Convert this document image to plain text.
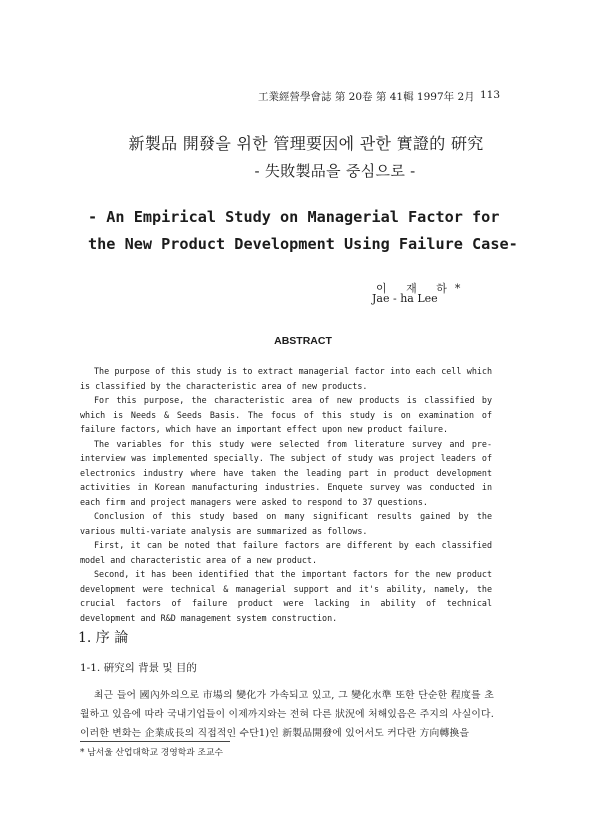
工業經營學會誌 第 20卷 第 41輯 1997年 2月 113
新製品 開發을 위한 管理要因에 관한 實證的 硏究
- 失敗製品을 중심으로 -
- An Empirical Study on Managerial Factor for
the New Product Development Using Failure Case-
이 재 하*
Jae - ha Lee
ABSTRACT

The purpose of this study is to extract managerial factor into each cell which is classified by the characteristic area of new products.

For this purpose, the characteristic area of new products is classified by which is Needs & Seeds Basis. The focus of this study is on examination of failure factors, which have an important effect upon new product failure.

The variables for this study were selected from literature survey and pre-interview was implemented specially. The subject of study was project leaders of electronics industry where have taken the leading part in product development activities in Korean manufacturing industries. Enquete survey was conducted in each firm and project managers were asked to respond to 37 questions.

Conclusion of this study based on many significant results gained by the various multi-variate analysis are summarized as follows.

First, it can be noted that failure factors are different by each classified model and characteristic area of a new product.

Second, it has been identified that the important factors for the new product development were technical & managerial support and it's ability, namely, the crucial factors of failure product were lacking in ability of technical development and R&D management system construction.

1. 序 論
1-1. 硏究의 背景 및 目的

최근 들어 國內外의으로 市場의 變化가 가속되고 있고, 그 變化水準 또한 단순한 程度를 초월하고 있음에 따라 국내기업들이 이제까지와는 전혀 다른 狀況에 처해있음은 주지의 사실이다. 이러한 변화는 企業成長의 직접적인 수단1)인 新製品開發에 있어서도 커다란 方向轉換을

* 남서울 산업대학교 경영학과 조교수
